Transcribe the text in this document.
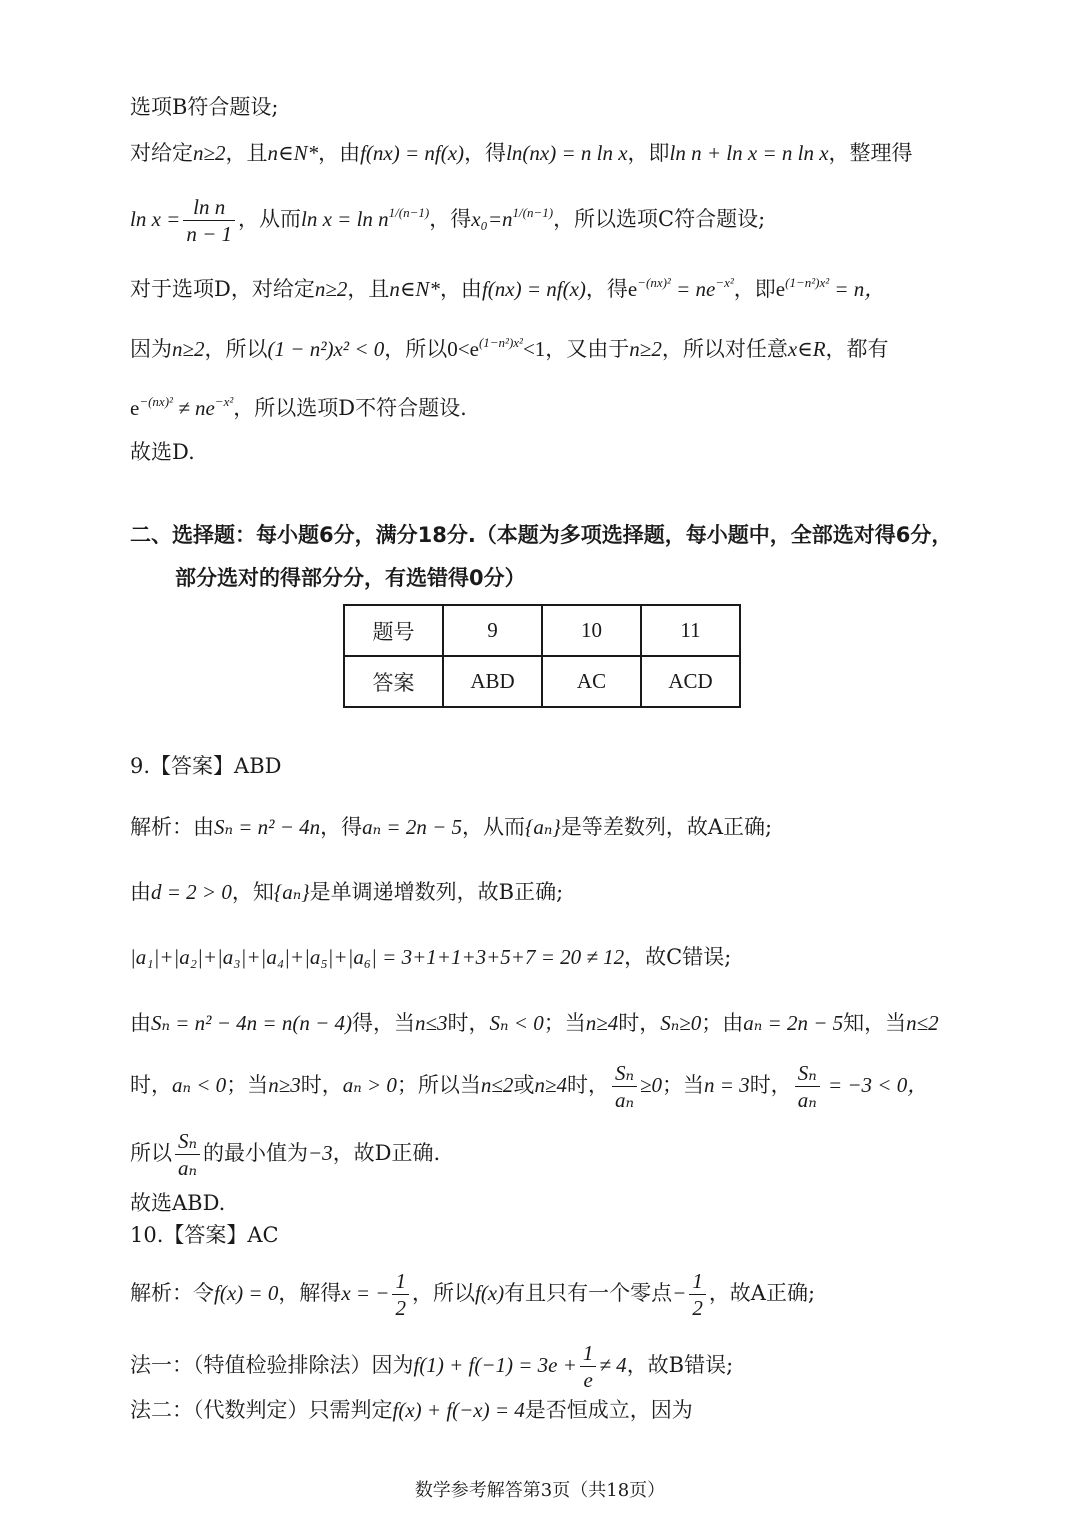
选项B符合题设;
对给定n≥2，且n∈N*，由f(nx) = nf(x)，得ln(nx) = n ln x，即ln n + ln x = n ln x，整理得
$\ln x = \frac{\text{ln n}}{n - 1}$ ，从而$\ln x = \ln n^{1/(n-1)}$，得$x_0=n^{1/(n-1)}$，所以选项C符合题设;
对于选项D，对给定n≥2，且n∈N*，由f(nx) = nf(x)，得$e^{-(nx)^2} = ne^{-x^2}$，即$e^{(1-n^2)x^2} = n$，
因为n≥2，所以(1 − n²)x² < 0，所以$0<e^{(1-n^2)x^2}<1$，又由于n≥2，所以对任意x∈R，都有
$e^{-(nx)^2} \ne ne^{-x^2}$，所以选项D不符合题设.
故选D.
二、选择题：每小题6分，满分18分.（本题为多项选择题，每小题中，全部选对得6分，
部分选对的得部分分，有选错得0分）
题号	9	10	11
答案	ABD	AC	ACD
9.【答案】ABD
解析：由Sₙ = n² − 4n，得aₙ = 2n − 5，从而{aₙ}是等差数列，故A正确;
由d = 2 > 0，知{aₙ}是单调递增数列，故B正确;
|a₁|+|a₂|+|a₃|+|a₄|+|a₅|+|a₆| = 3+1+1+3+5+7 = 20 ≠ 12，故C错误;
由Sₙ = n² − 4n = n(n − 4)得，当n≤3时，Sₙ < 0；当n≥4时，Sₙ≥0；由aₙ = 2n − 5知，当n≤2
时，aₙ < 0；当n≥3时，aₙ > 0；所以当n≤2或n≥4时， $\frac{\text{Sₙ}}{\text{aₙ}} \ge 0$；当n = 3时， $\frac{\text{Sₙ}}{\text{aₙ}} = -3 < 0$，
所以 $\frac{\text{Sₙ}}{\text{aₙ}}$ 的最小值为−3，故D正确.
故选ABD.
10.【答案】AC
解析：令f(x) = 0，解得x = − $\frac{1}{2}$ ，所以f(x)有且只有一个零点− $\frac{1}{2}$ ，故A正确;
法一：（特值检验排除法）因为$f(1) + f(-1) = 3e + \frac{1}{e} \ne 4$，故B错误;
法二：（代数判定）只需判定f(x) + f(−x) = 4是否恒成立，因为
数学参考解答第3页（共18页）
